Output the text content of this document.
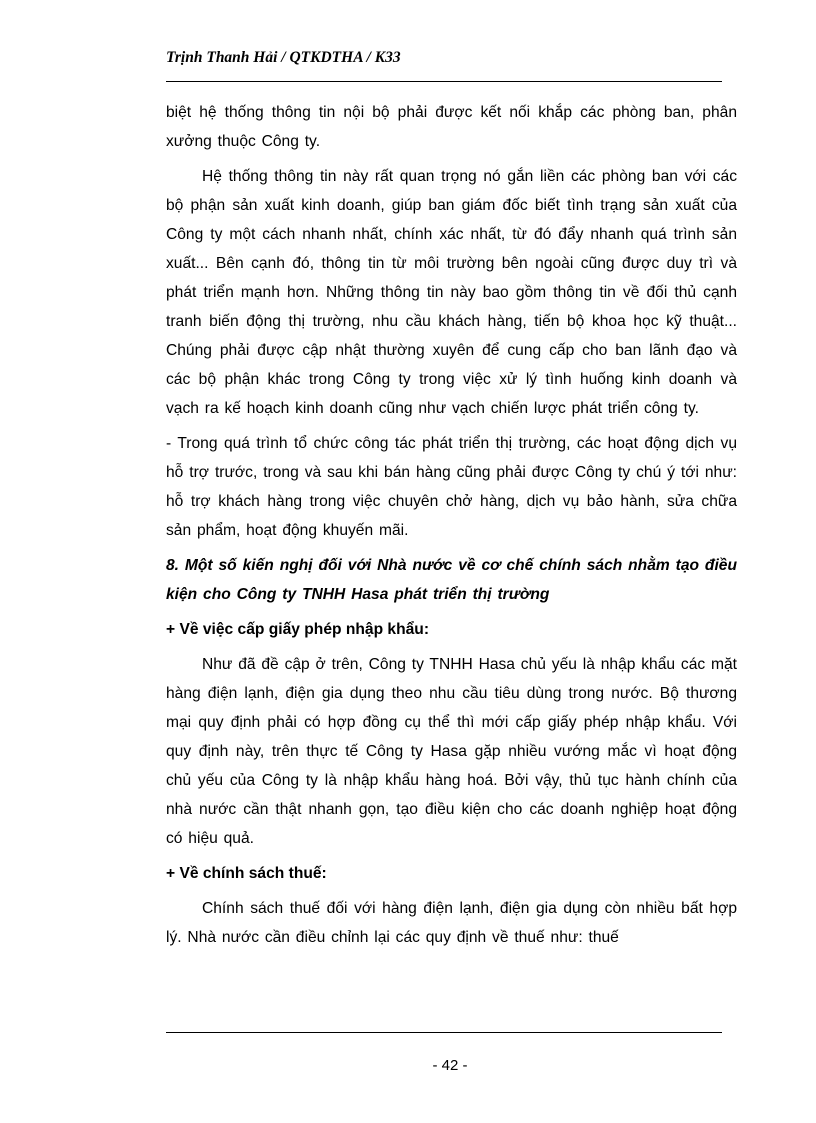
Trịnh Thanh Hải / QTKDTHA / K33

biệt hệ thống thông tin nội bộ phải được kết nối khắp các phòng ban, phân xưởng thuộc Công ty.

Hệ thống thông tin này rất quan trọng nó gắn liền các phòng ban với các bộ phận sản xuất kinh doanh, giúp ban giám đốc biết tình trạng sản xuất của Công ty một cách nhanh nhất, chính xác nhất, từ đó đẩy nhanh quá trình sản xuất... Bên cạnh đó, thông tin từ môi trường bên ngoài cũng được duy trì và phát triển mạnh hơn. Những thông tin này bao gồm thông tin về đối thủ cạnh tranh biến động thị trường, nhu cầu khách hàng, tiến bộ khoa học kỹ thuật... Chúng phải được cập nhật thường xuyên để cung cấp cho ban lãnh đạo và các bộ phận khác trong Công ty trong việc xử lý tình huống kinh doanh và vạch ra kế hoạch kinh doanh cũng như vạch chiến lược phát triển công ty.

- Trong quá trình tổ chức công tác phát triển thị trường, các hoạt động dịch vụ hỗ trợ trước, trong và sau khi bán hàng cũng phải được Công ty chú ý tới như: hỗ trợ khách hàng trong việc chuyên chở hàng, dịch vụ bảo hành, sửa chữa sản phẩm, hoạt động khuyến mãi.

8. Một số kiến nghị đối với Nhà nước về cơ chế chính sách nhằm tạo điều kiện cho Công ty TNHH Hasa phát triển thị trường

+ Về việc cấp giấy phép nhập khẩu:

Như đã đề cập ở trên, Công ty TNHH Hasa chủ yếu là nhập khẩu các mặt hàng điện lạnh, điện gia dụng theo nhu cầu tiêu dùng trong nước. Bộ thương mại quy định phải có hợp đồng cụ thể thì mới cấp giấy phép nhập khẩu. Với quy định này, trên thực tế Công ty Hasa gặp nhiều vướng mắc vì hoạt động chủ yếu của Công ty là nhập khẩu hàng hoá. Bởi vậy, thủ tục hành chính của nhà nước cần thật nhanh gọn, tạo điều kiện cho các doanh nghiệp hoạt động có hiệu quả.

+ Về chính sách thuế:

Chính sách thuế đối với hàng điện lạnh, điện gia dụng còn nhiều bất hợp lý. Nhà nước cần điều chỉnh lại các quy định về thuế như: thuế

- 42 -
